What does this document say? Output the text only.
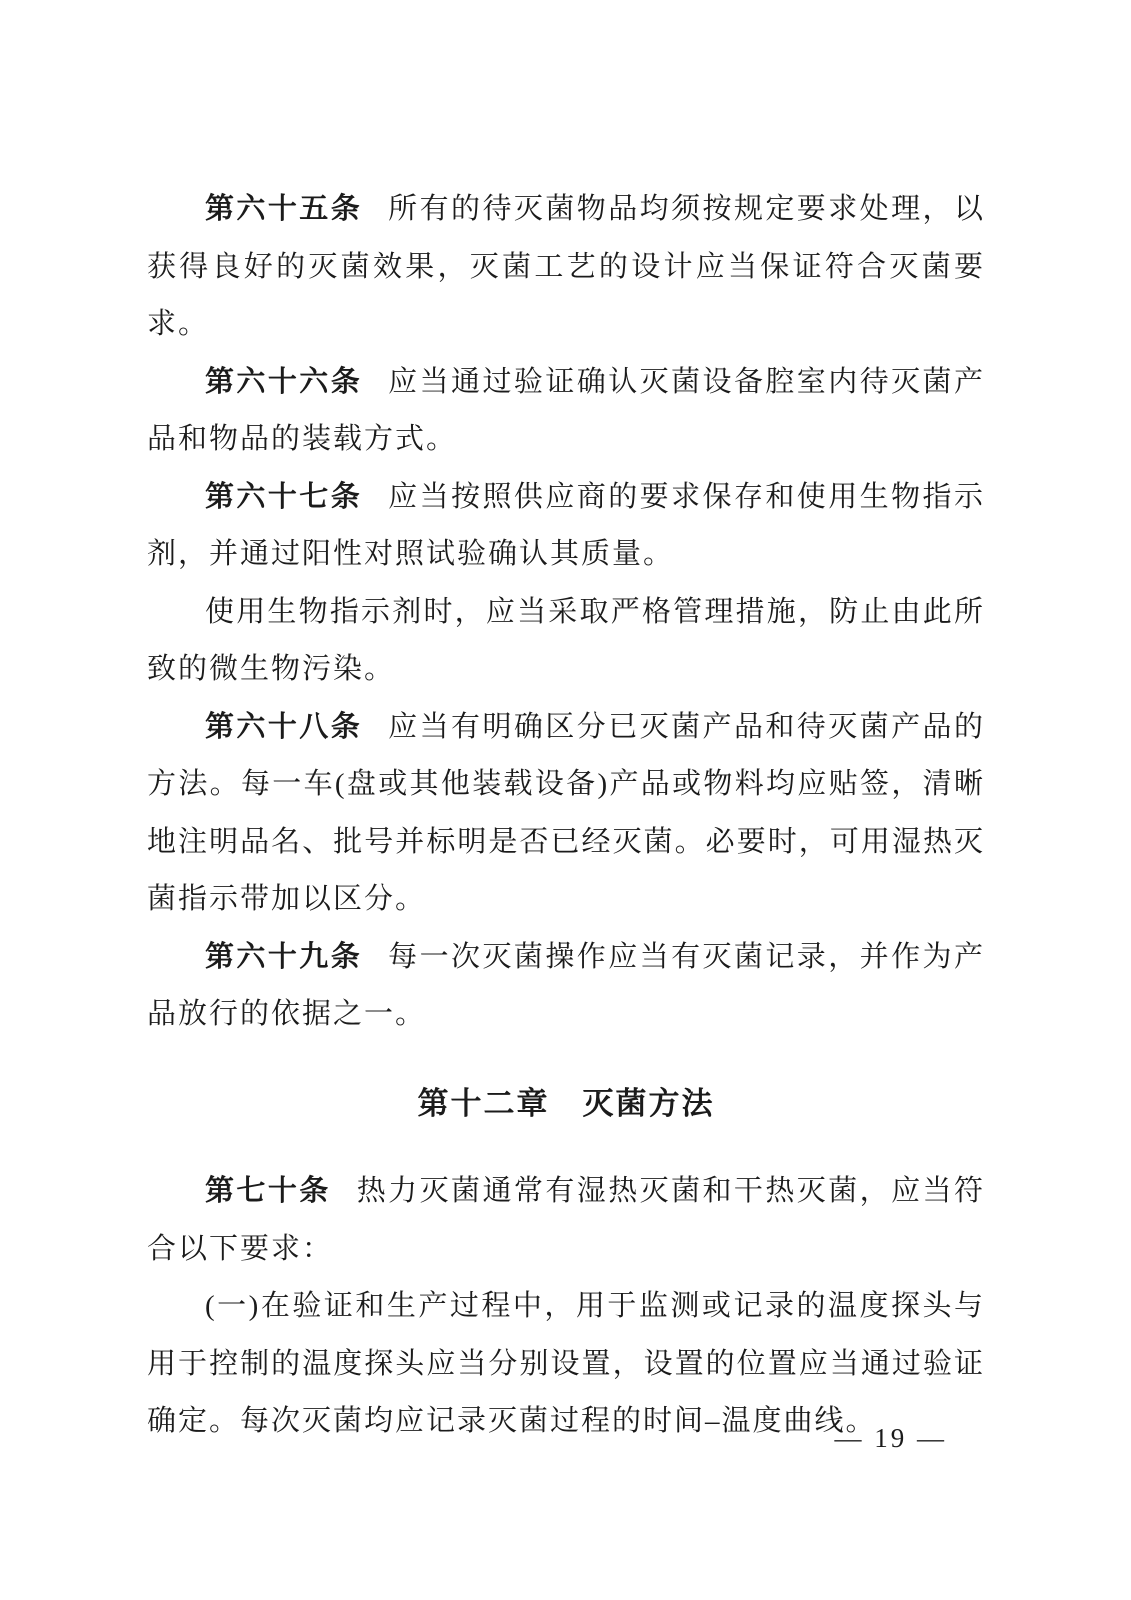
第六十五条 所有的待灭菌物品均须按规定要求处理，以获得良好的灭菌效果，灭菌工艺的设计应当保证符合灭菌要求。

第六十六条 应当通过验证确认灭菌设备腔室内待灭菌产品和物品的装载方式。

第六十七条 应当按照供应商的要求保存和使用生物指示剂，并通过阳性对照试验确认其质量。

使用生物指示剂时，应当采取严格管理措施，防止由此所致的微生物污染。

第六十八条 应当有明确区分已灭菌产品和待灭菌产品的方法。每一车(盘或其他装载设备)产品或物料均应贴签，清晰地注明品名、批号并标明是否已经灭菌。必要时，可用湿热灭菌指示带加以区分。

第六十九条 每一次灭菌操作应当有灭菌记录，并作为产品放行的依据之一。

第十二章　灭菌方法

第七十条 热力灭菌通常有湿热灭菌和干热灭菌，应当符合以下要求：

(一)在验证和生产过程中，用于监测或记录的温度探头与用于控制的温度探头应当分别设置，设置的位置应当通过验证确定。每次灭菌均应记录灭菌过程的时间–温度曲线。

— 19 —
